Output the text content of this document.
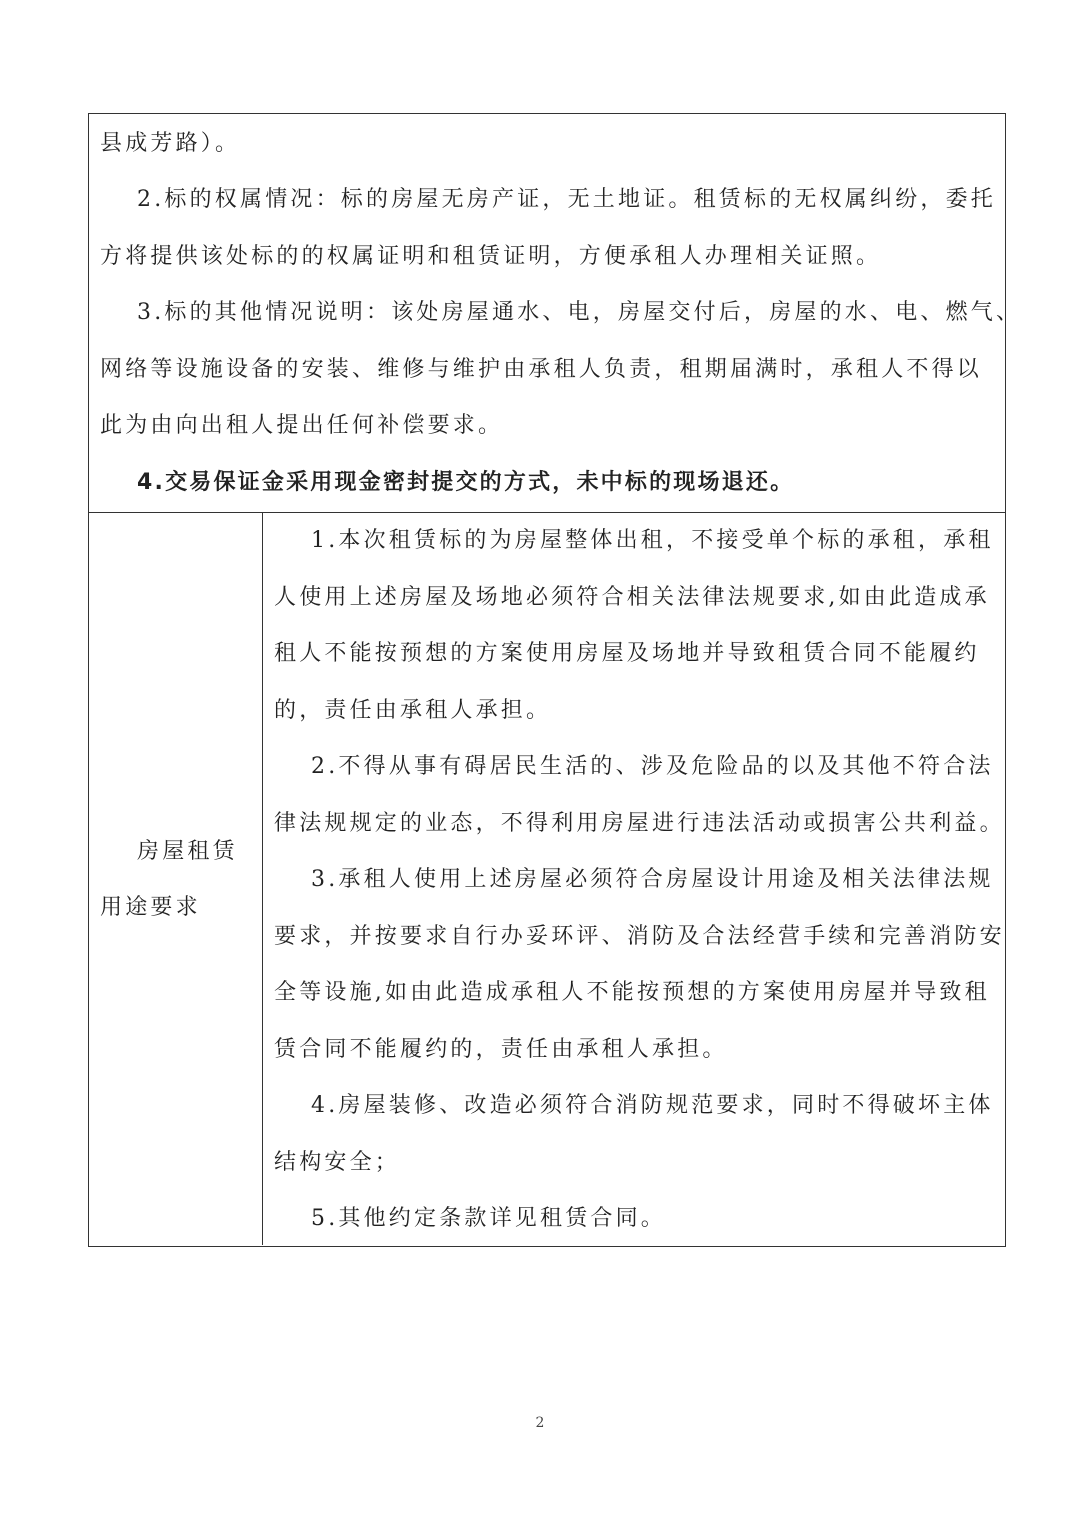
县成芳路）。
2.标的权属情况：标的房屋无房产证，无土地证。租赁标的无权属纠纷，委托
方将提供该处标的的权属证明和租赁证明，方便承租人办理相关证照。
3.标的其他情况说明：该处房屋通水、电，房屋交付后，房屋的水、电、燃气、
网络等设施设备的安装、维修与维护由承租人负责，租期届满时，承租人不得以
此为由向出租人提出任何补偿要求。
4.交易保证金采用现金密封提交的方式，未中标的现场退还。
房屋租赁
用途要求
1.本次租赁标的为房屋整体出租，不接受单个标的承租，承租
人使用上述房屋及场地必须符合相关法律法规要求,如由此造成承
租人不能按预想的方案使用房屋及场地并导致租赁合同不能履约
的，责任由承租人承担。
2.不得从事有碍居民生活的、涉及危险品的以及其他不符合法
律法规规定的业态，不得利用房屋进行违法活动或损害公共利益。
3.承租人使用上述房屋必须符合房屋设计用途及相关法律法规
要求，并按要求自行办妥环评、消防及合法经营手续和完善消防安
全等设施,如由此造成承租人不能按预想的方案使用房屋并导致租
赁合同不能履约的，责任由承租人承担。
4.房屋装修、改造必须符合消防规范要求，同时不得破坏主体
结构安全；
5.其他约定条款详见租赁合同。
2
